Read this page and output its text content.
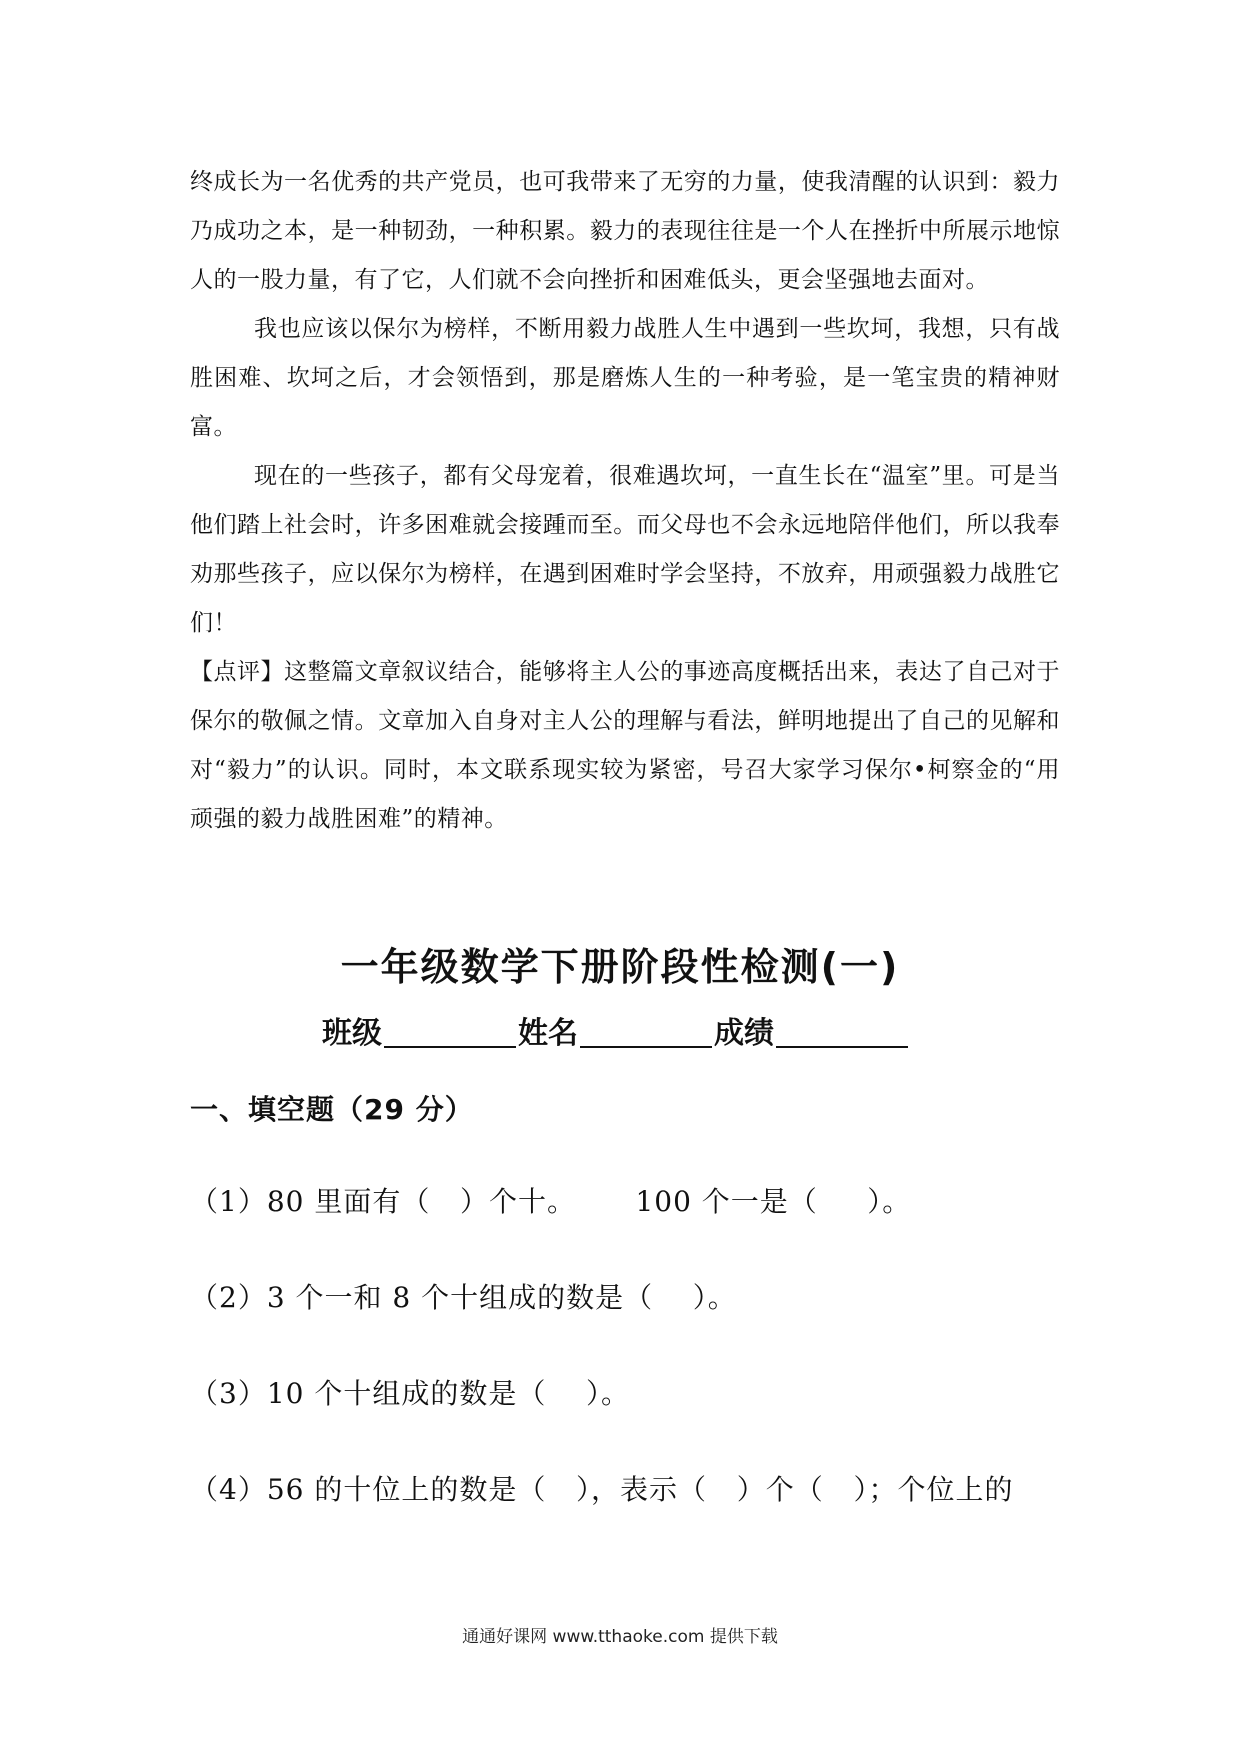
终成长为一名优秀的共产党员，也可我带来了无穷的力量，使我清醒的认识到：毅力乃成功之本，是一种韧劲，一种积累。毅力的表现往往是一个人在挫折中所展示地惊人的一股力量，有了它，人们就不会向挫折和困难低头，更会坚强地去面对。

我也应该以保尔为榜样，不断用毅力战胜人生中遇到一些坎坷，我想，只有战胜困难、坎坷之后，才会领悟到，那是磨炼人生的一种考验，是一笔宝贵的精神财富。

现在的一些孩子，都有父母宠着，很难遇坎坷，一直生长在“温室”里。可是当他们踏上社会时，许多困难就会接踵而至。而父母也不会永远地陪伴他们，所以我奉劝那些孩子，应以保尔为榜样，在遇到困难时学会坚持，不放弃，用顽强毅力战胜它们！

【点评】这整篇文章叙议结合，能够将主人公的事迹高度概括出来，表达了自己对于保尔的敬佩之情。文章加入自身对主人公的理解与看法，鲜明地提出了自己的见解和对“毅力”的认识。同时，本文联系现实较为紧密，号召大家学习保尔•柯察金的“用顽强的毅力战胜困难”的精神。

一年级数学下册阶段性检测(一)
班级	姓名	成绩
一、填空题（29 分）

（1）80 里面有（   ）个十。      100 个一是（     ）。

（2）3 个一和 8 个十组成的数是（    ）。

（3）10 个十组成的数是（    ）。

（4）56 的十位上的数是（   ），表示（   ）个（   ）；个位上的

通通好课网 www.tthaoke.com 提供下载
